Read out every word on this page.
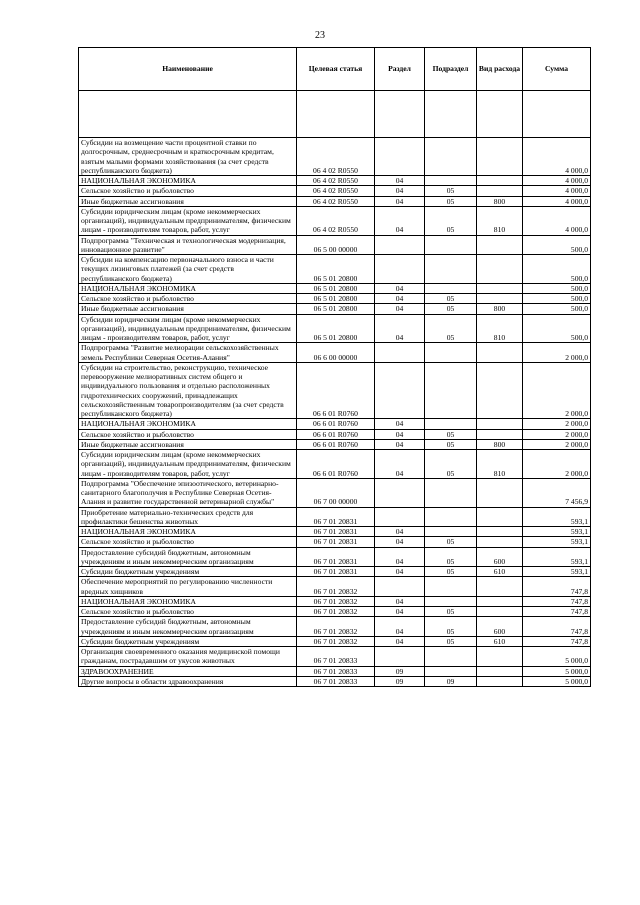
23
Наименование	Целевая статья	Раздел	Подраздел	Вид расхода	Сумма

Субсидии на возмещение части процентной ставки по долгосрочным, среднесрочным и краткосрочным кредитам, взятым малыми формами хозяйствования (за счет средств республиканского бюджета)	06 4 02 R0550				4 000,0
НАЦИОНАЛЬНАЯ ЭКОНОМИКА	06 4 02 R0550	04			4 000,0
Сельское хозяйство и рыболовство	06 4 02 R0550	04	05		4 000,0
Иные бюджетные ассигнования	06 4 02 R0550	04	05	800	4 000,0
Субсидии юридическим лицам (кроме некоммерческих организаций), индивидуальным предпринимателям, физическим лицам - производителям товаров, работ, услуг	06 4 02 R0550	04	05	810	4 000,0
Подпрограмма "Техническая и технологическая модернизация, инновационное развитие"	06 5 00 00000				500,0
Субсидии на компенсацию первоначального взноса и части текущих лизинговых платежей (за счет средств республиканского бюджета)	06 5 01 20800				500,0
НАЦИОНАЛЬНАЯ ЭКОНОМИКА	06 5 01 20800	04			500,0
Сельское хозяйство и рыболовство	06 5 01 20800	04	05		500,0
Иные бюджетные ассигнования	06 5 01 20800	04	05	800	500,0
Субсидии юридическим лицам (кроме некоммерческих организаций), индивидуальным предпринимателям, физическим лицам - производителям товаров, работ, услуг	06 5 01 20800	04	05	810	500,0
Подпрограмма "Развитие мелиорации сельскохозяйственных земель Республики Северная Осетия-Алания"	06 6 00 00000				2 000,0
Субсидии на строительство, реконструкцию, техническое перевооружение мелиоративных систем общего и индивидуального пользования и отдельно расположенных гидротехнических сооружений, принадлежащих сельскохозяйственным товаропроизводителям (за счет средств республиканского бюджета)	06 6 01 R0760				2 000,0
НАЦИОНАЛЬНАЯ ЭКОНОМИКА	06 6 01 R0760	04			2 000,0
Сельское хозяйство и рыболовство	06 6 01 R0760	04	05		2 000,0
Иные бюджетные ассигнования	06 6 01 R0760	04	05	800	2 000,0
Субсидии юридическим лицам (кроме некоммерческих организаций), индивидуальным предпринимателям, физическим лицам - производителям товаров, работ, услуг	06 6 01 R0760	04	05	810	2 000,0
Подпрограмма "Обеспечение эпизоотического, ветеринарно-санитарного благополучия в Республике Северная Осетия-Алания и развитие государственной ветеринарной службы"	06 7 00 00000				7 456,9
Приобретение материально-технических средств для профилактики бешенства животных	06 7 01 20831				593,1
НАЦИОНАЛЬНАЯ ЭКОНОМИКА	06 7 01 20831	04			593,1
Сельское хозяйство и рыболовство	06 7 01 20831	04	05		593,1
Предоставление субсидий бюджетным, автономным учреждениям и иным некоммерческим организациям	06 7 01 20831	04	05	600	593,1
Субсидии бюджетным учреждениям	06 7 01 20831	04	05	610	593,1
Обеспечение мероприятий по регулированию численности вредных хищников	06 7 01 20832				747,8
НАЦИОНАЛЬНАЯ ЭКОНОМИКА	06 7 01 20832	04			747,8
Сельское хозяйство и рыболовство	06 7 01 20832	04	05		747,8
Предоставление субсидий бюджетным, автономным учреждениям и иным некоммерческим организациям	06 7 01 20832	04	05	600	747,8
Субсидии бюджетным учреждениям	06 7 01 20832	04	05	610	747,8
Организация своевременного оказания медицинской помощи гражданам, пострадавшим от укусов животных	06 7 01 20833				5 000,0
ЗДРАВООХРАНЕНИЕ	06 7 01 20833	09			5 000,0
Другие вопросы в области здравоохранения	06 7 01 20833	09	09		5 000,0
